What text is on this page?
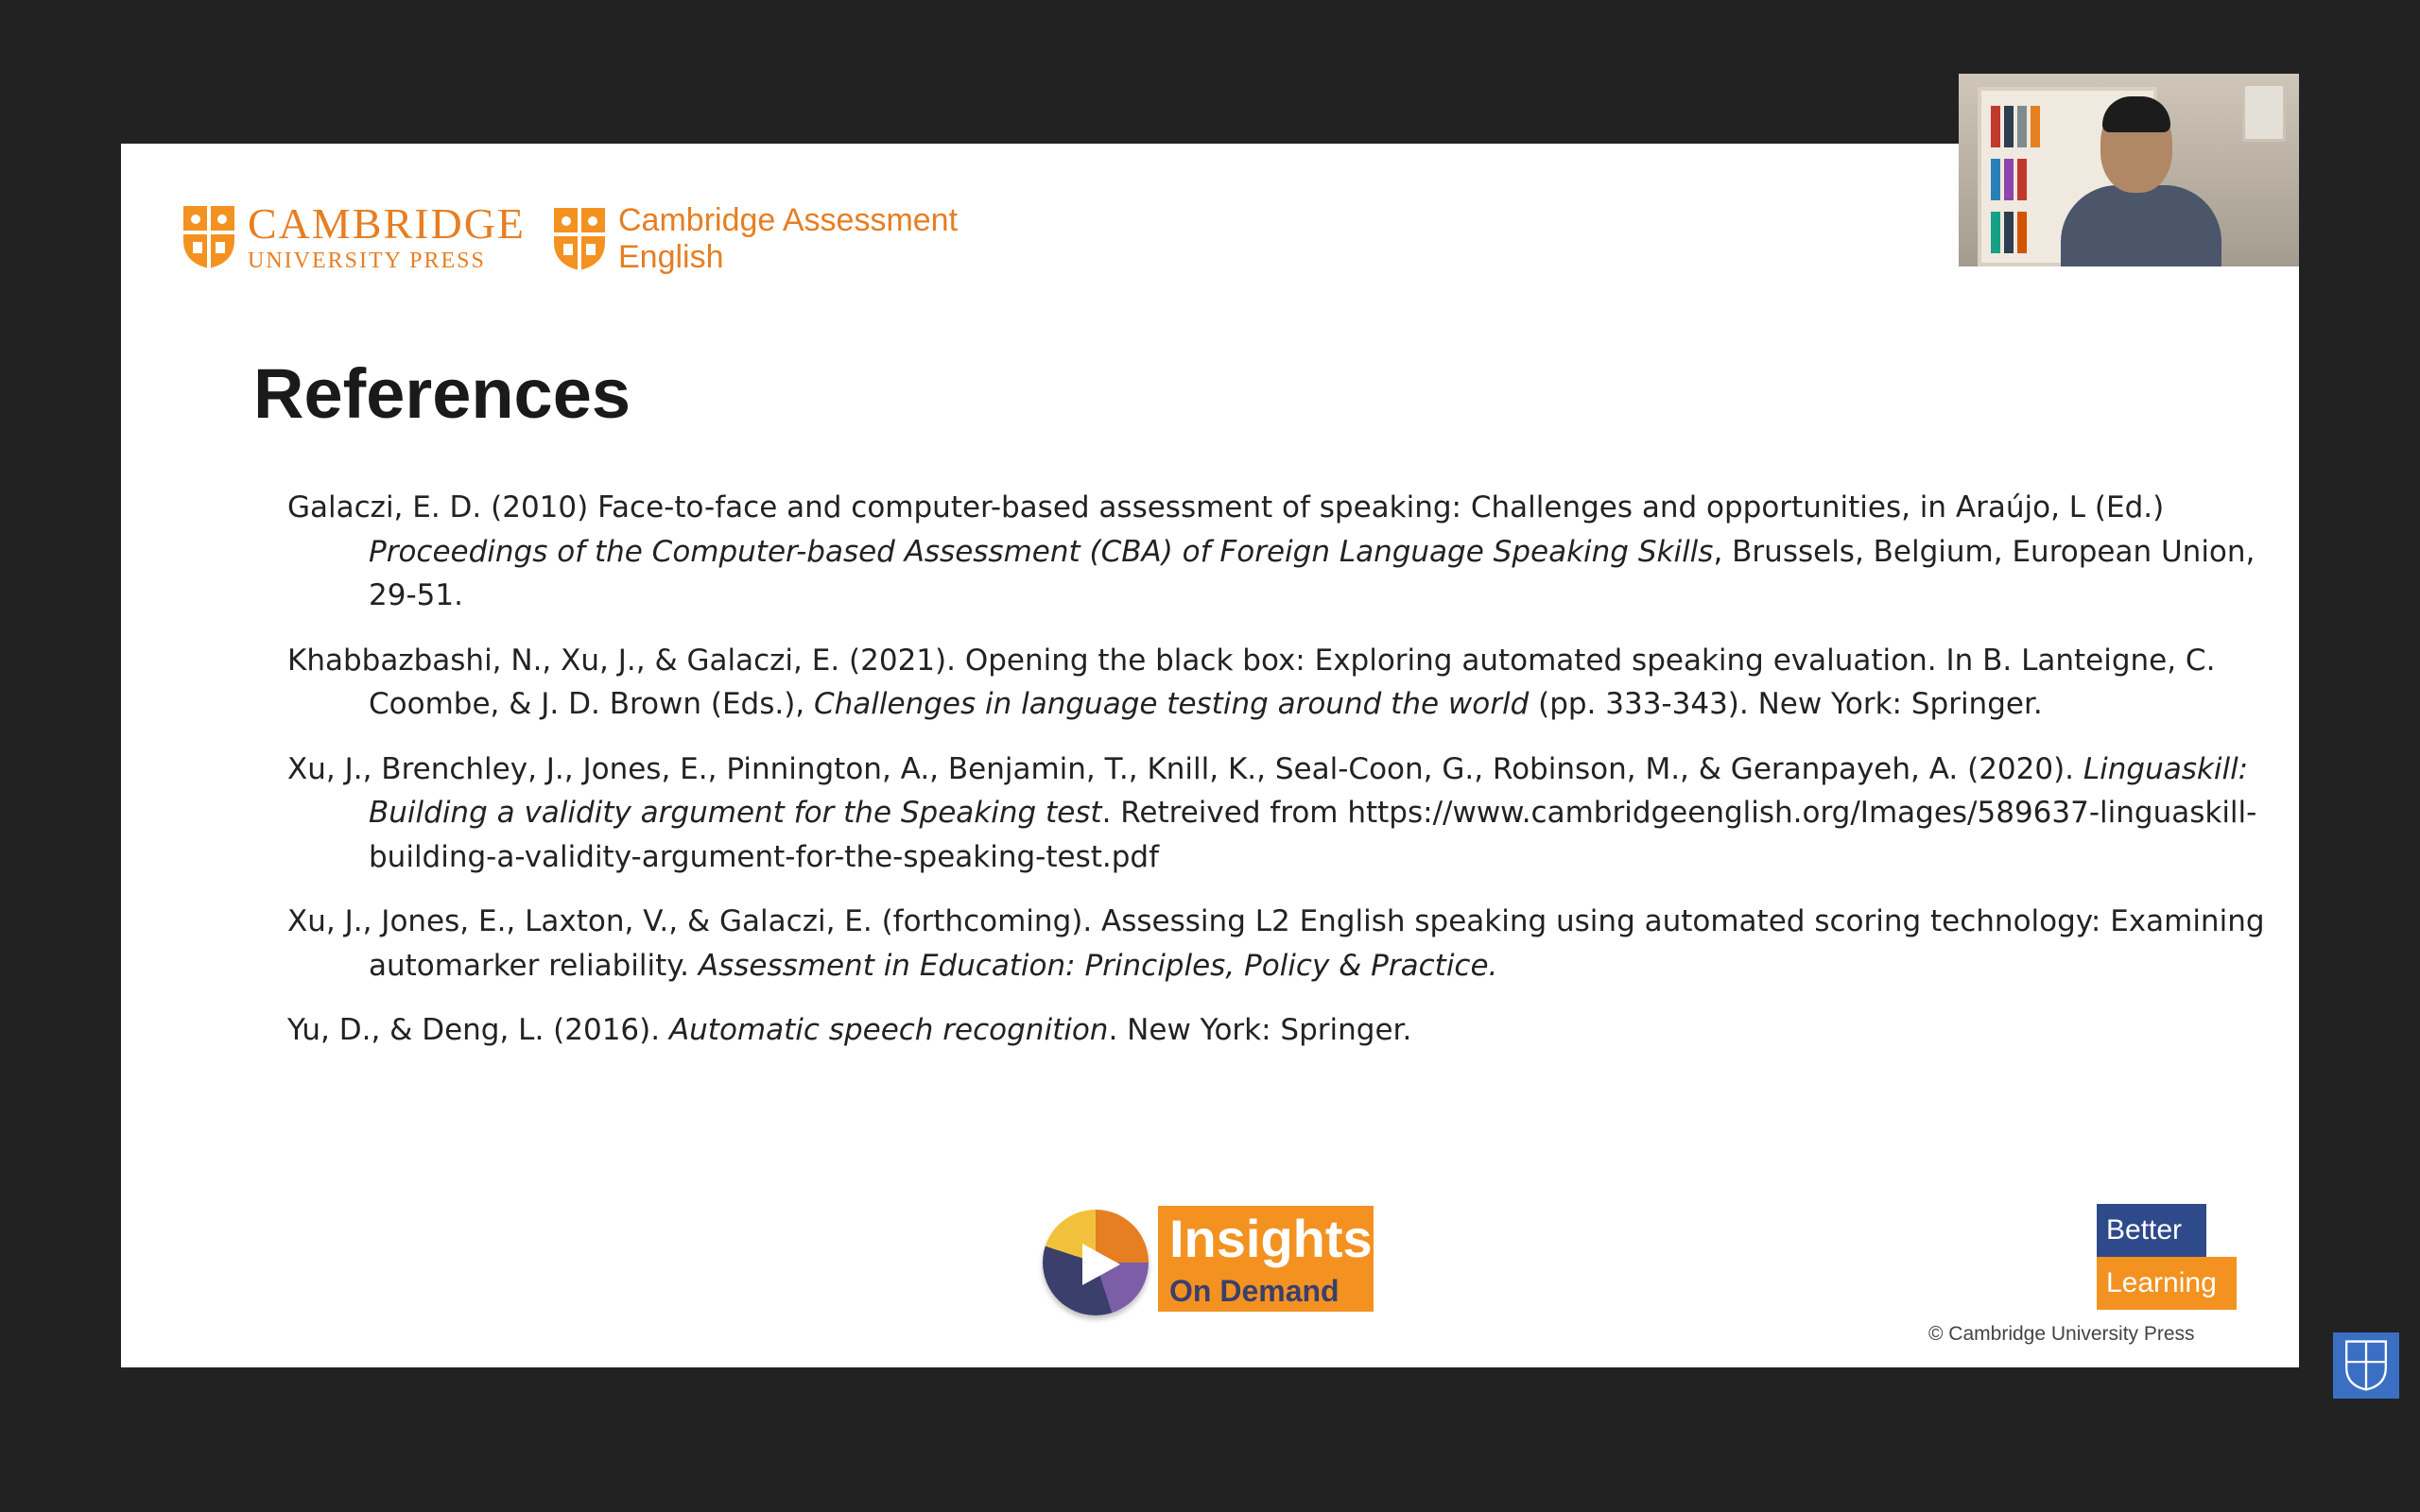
CAMBRIDGE
UNIVERSITY PRESS
Cambridge Assessment
English
References
Galaczi, E. D. (2010) Face-to-face and computer-based assessment of speaking: Challenges and opportunities, in Araújo, L (Ed.) Proceedings of the Computer-based Assessment (CBA) of Foreign Language Speaking Skills, Brussels, Belgium, European Union, 29-51.
Khabbazbashi, N., Xu, J., & Galaczi, E. (2021). Opening the black box: Exploring automated speaking evaluation. In B. Lanteigne, C. Coombe, & J. D. Brown (Eds.), Challenges in language testing around the world (pp. 333-343). New York: Springer.
Xu, J., Brenchley, J., Jones, E., Pinnington, A., Benjamin, T., Knill, K., Seal-Coon, G., Robinson, M., & Geranpayeh, A. (2020). Linguaskill: Building a validity argument for the Speaking test. Retreived from https://www.cambridgeenglish.org/Images/589637-linguaskill-building-a-validity-argument-for-the-speaking-test.pdf
Xu, J., Jones, E., Laxton, V., & Galaczi, E. (forthcoming). Assessing L2 English speaking using automated scoring technology: Examining automarker reliability. Assessment in Education: Principles, Policy & Practice.
Yu, D., & Deng, L. (2016). Automatic speech recognition. New York: Springer.
Insights
On Demand
Better
Learning
© Cambridge University Press
